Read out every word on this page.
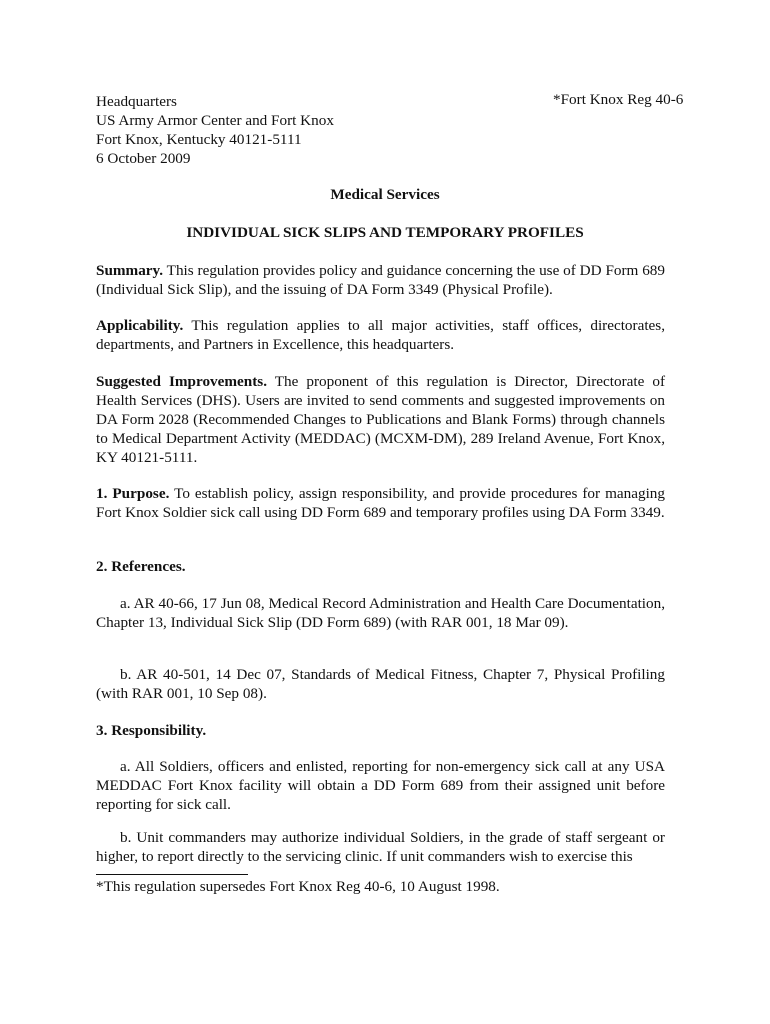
Headquarters
US Army Armor Center and Fort Knox
Fort Knox, Kentucky 40121-5111
6 October 2009
*Fort Knox Reg 40-6
Medical Services
INDIVIDUAL SICK SLIPS AND TEMPORARY PROFILES

Summary. This regulation provides policy and guidance concerning the use of DD Form 689 (Individual Sick Slip), and the issuing of DA Form 3349 (Physical Profile).

Applicability. This regulation applies to all major activities, staff offices, directorates, departments, and Partners in Excellence, this headquarters.

Suggested Improvements. The proponent of this regulation is Director, Directorate of Health Services (DHS). Users are invited to send comments and suggested improvements on DA Form 2028 (Recommended Changes to Publications and Blank Forms) through channels to Medical Department Activity (MEDDAC) (MCXM-DM), 289 Ireland Avenue, Fort Knox, KY 40121-5111.

1. Purpose. To establish policy, assign responsibility, and provide procedures for managing Fort Knox Soldier sick call using DD Form 689 and temporary profiles using DA Form 3349.

2. References.

a. AR 40-66, 17 Jun 08, Medical Record Administration and Health Care Documentation, Chapter 13, Individual Sick Slip (DD Form 689) (with RAR 001, 18 Mar 09).

b. AR 40-501, 14 Dec 07, Standards of Medical Fitness, Chapter 7, Physical Profiling (with RAR 001, 10 Sep 08).

3. Responsibility.

a. All Soldiers, officers and enlisted, reporting for non-emergency sick call at any USA MEDDAC Fort Knox facility will obtain a DD Form 689 from their assigned unit before reporting for sick call.

b. Unit commanders may authorize individual Soldiers, in the grade of staff sergeant or higher, to report directly to the servicing clinic. If unit commanders wish to exercise this

*This regulation supersedes Fort Knox Reg 40-6, 10 August 1998.
